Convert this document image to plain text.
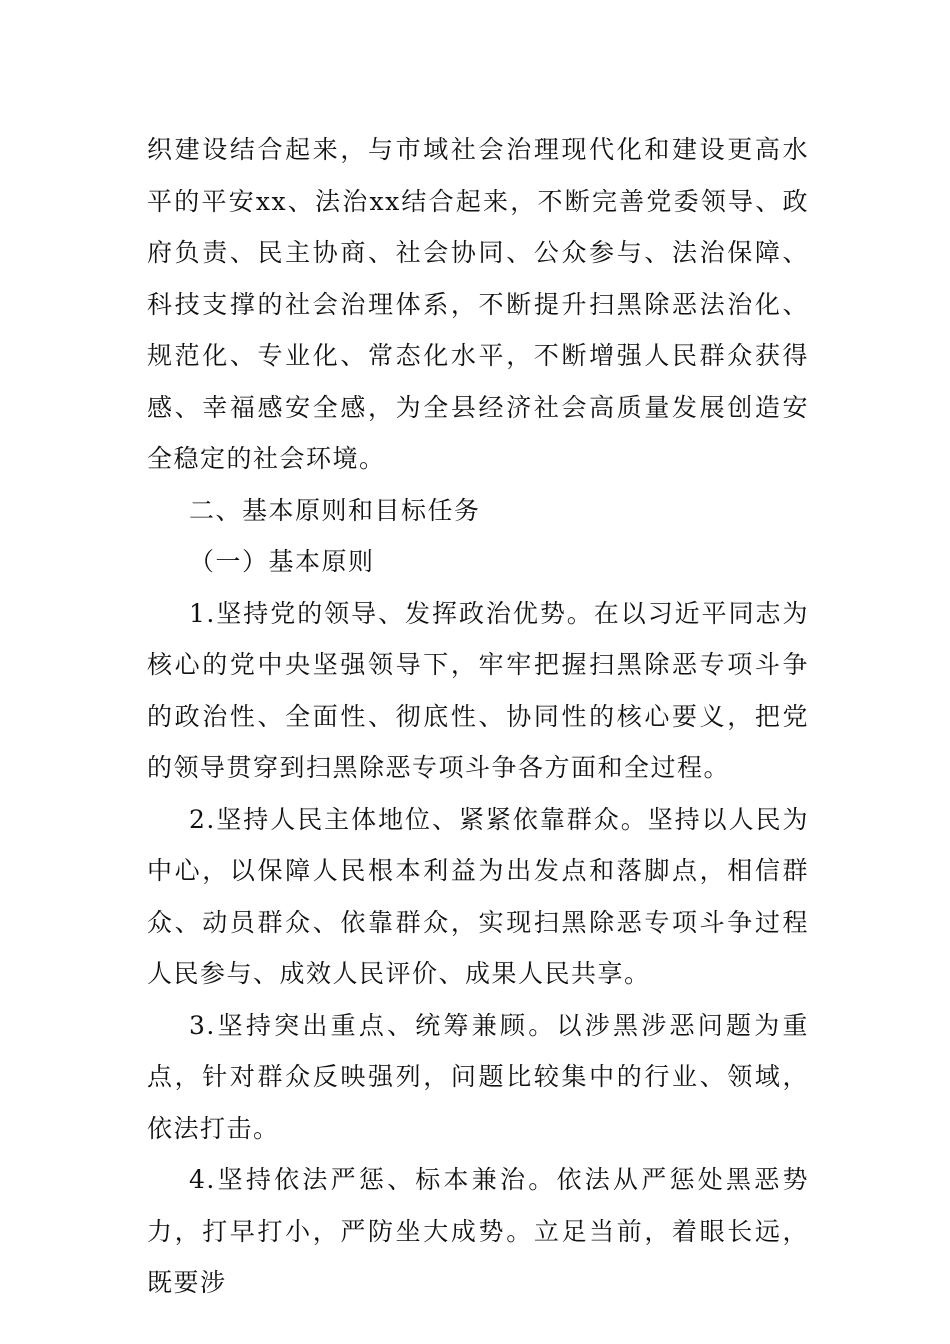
织建设结合起来，与市域社会治理现代化和建设更高水平的平安xx、法治xx结合起来，不断完善党委领导、政府负责、民主协商、社会协同、公众参与、法治保障、科技支撑的社会治理体系，不断提升扫黑除恶法治化、规范化、专业化、常态化水平，不断增强人民群众获得感、幸福感安全感，为全县经济社会高质量发展创造安全稳定的社会环境。

二、基本原则和目标任务

（一）基本原则

1.坚持党的领导、发挥政治优势。在以习近平同志为核心的党中央坚强领导下，牢牢把握扫黑除恶专项斗争的政治性、全面性、彻底性、协同性的核心要义，把党的领导贯穿到扫黑除恶专项斗争各方面和全过程。

2.坚持人民主体地位、紧紧依靠群众。坚持以人民为中心，以保障人民根本利益为出发点和落脚点，相信群众、动员群众、依靠群众，实现扫黑除恶专项斗争过程人民参与、成效人民评价、成果人民共享。

3.坚持突出重点、统筹兼顾。以涉黑涉恶问题为重点，针对群众反映强列，问题比较集中的行业、领域，依法打击。

4.坚持依法严惩、标本兼治。依法从严惩处黑恶势力，打早打小，严防坐大成势。立足当前，着眼长远，既要涉
